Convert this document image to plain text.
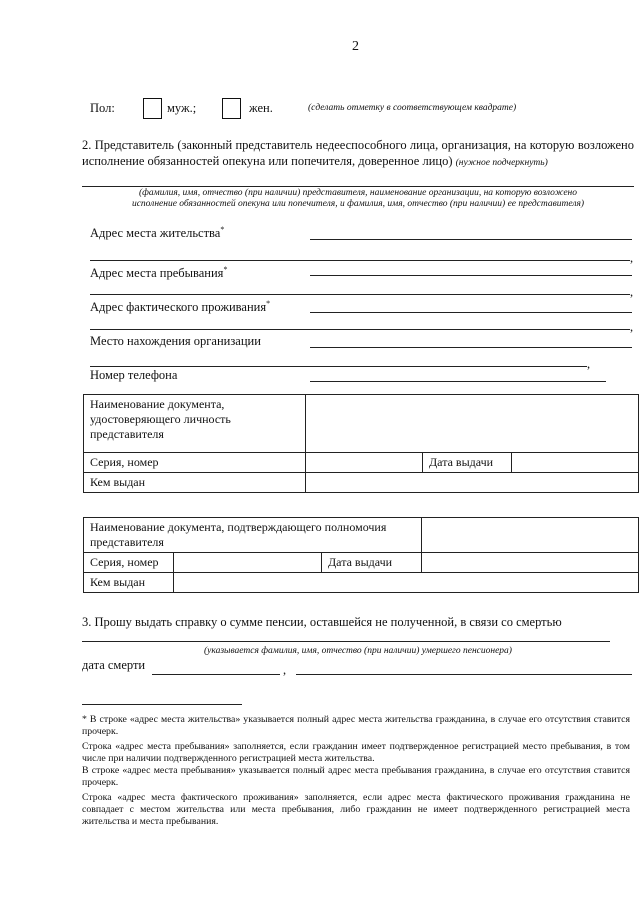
2
Пол:	муж.;	жен.	(сделать отметку в соответствующем квадрате)
2. Представитель (законный представитель недееспособного лица, организация, на которую возложено исполнение обязанностей опекуна или попечителя, доверенное лицо) (нужное подчеркнуть)
(фамилия, имя, отчество (при наличии) представителя, наименование организации, на которую возложено
исполнение обязанностей опекуна или попечителя, и фамилия, имя, отчество (при наличии) ее представителя)
Адрес места жительства*
,
Адрес места пребывания*
,
Адрес фактического проживания*
,
Место нахождения организации
,
Номер телефона
Наименование документа, удостоверяющего личность представителя			
Серия, номер		Дата выдачи	
Кем выдан			
Наименование документа, подтверждающего полномочия представителя			
Серия, номер		Дата выдачи	
Кем выдан			
3. Прошу выдать справку о сумме пенсии, оставшейся не полученной, в связи со смертью
(указывается фамилия, имя, отчество (при наличии) умершего пенсионера)
дата смерти	,

* В строке «адрес места жительства» указывается полный адрес места жительства гражданина, в случае его отсутствия ставится прочерк.

Строка «адрес места пребывания» заполняется, если гражданин имеет подтвержденное регистрацией место пребывания, в том числе при наличии подтвержденного регистрацией места жительства.

В строке «адрес места пребывания» указывается полный адрес места пребывания гражданина, в случае его отсутствия ставится прочерк.

Строка «адрес места фактического проживания» заполняется, если адрес места фактического проживания гражданина не совпадает с местом жительства или места пребывания, либо гражданин не имеет подтвержденного регистрацией места жительства и места пребывания.
